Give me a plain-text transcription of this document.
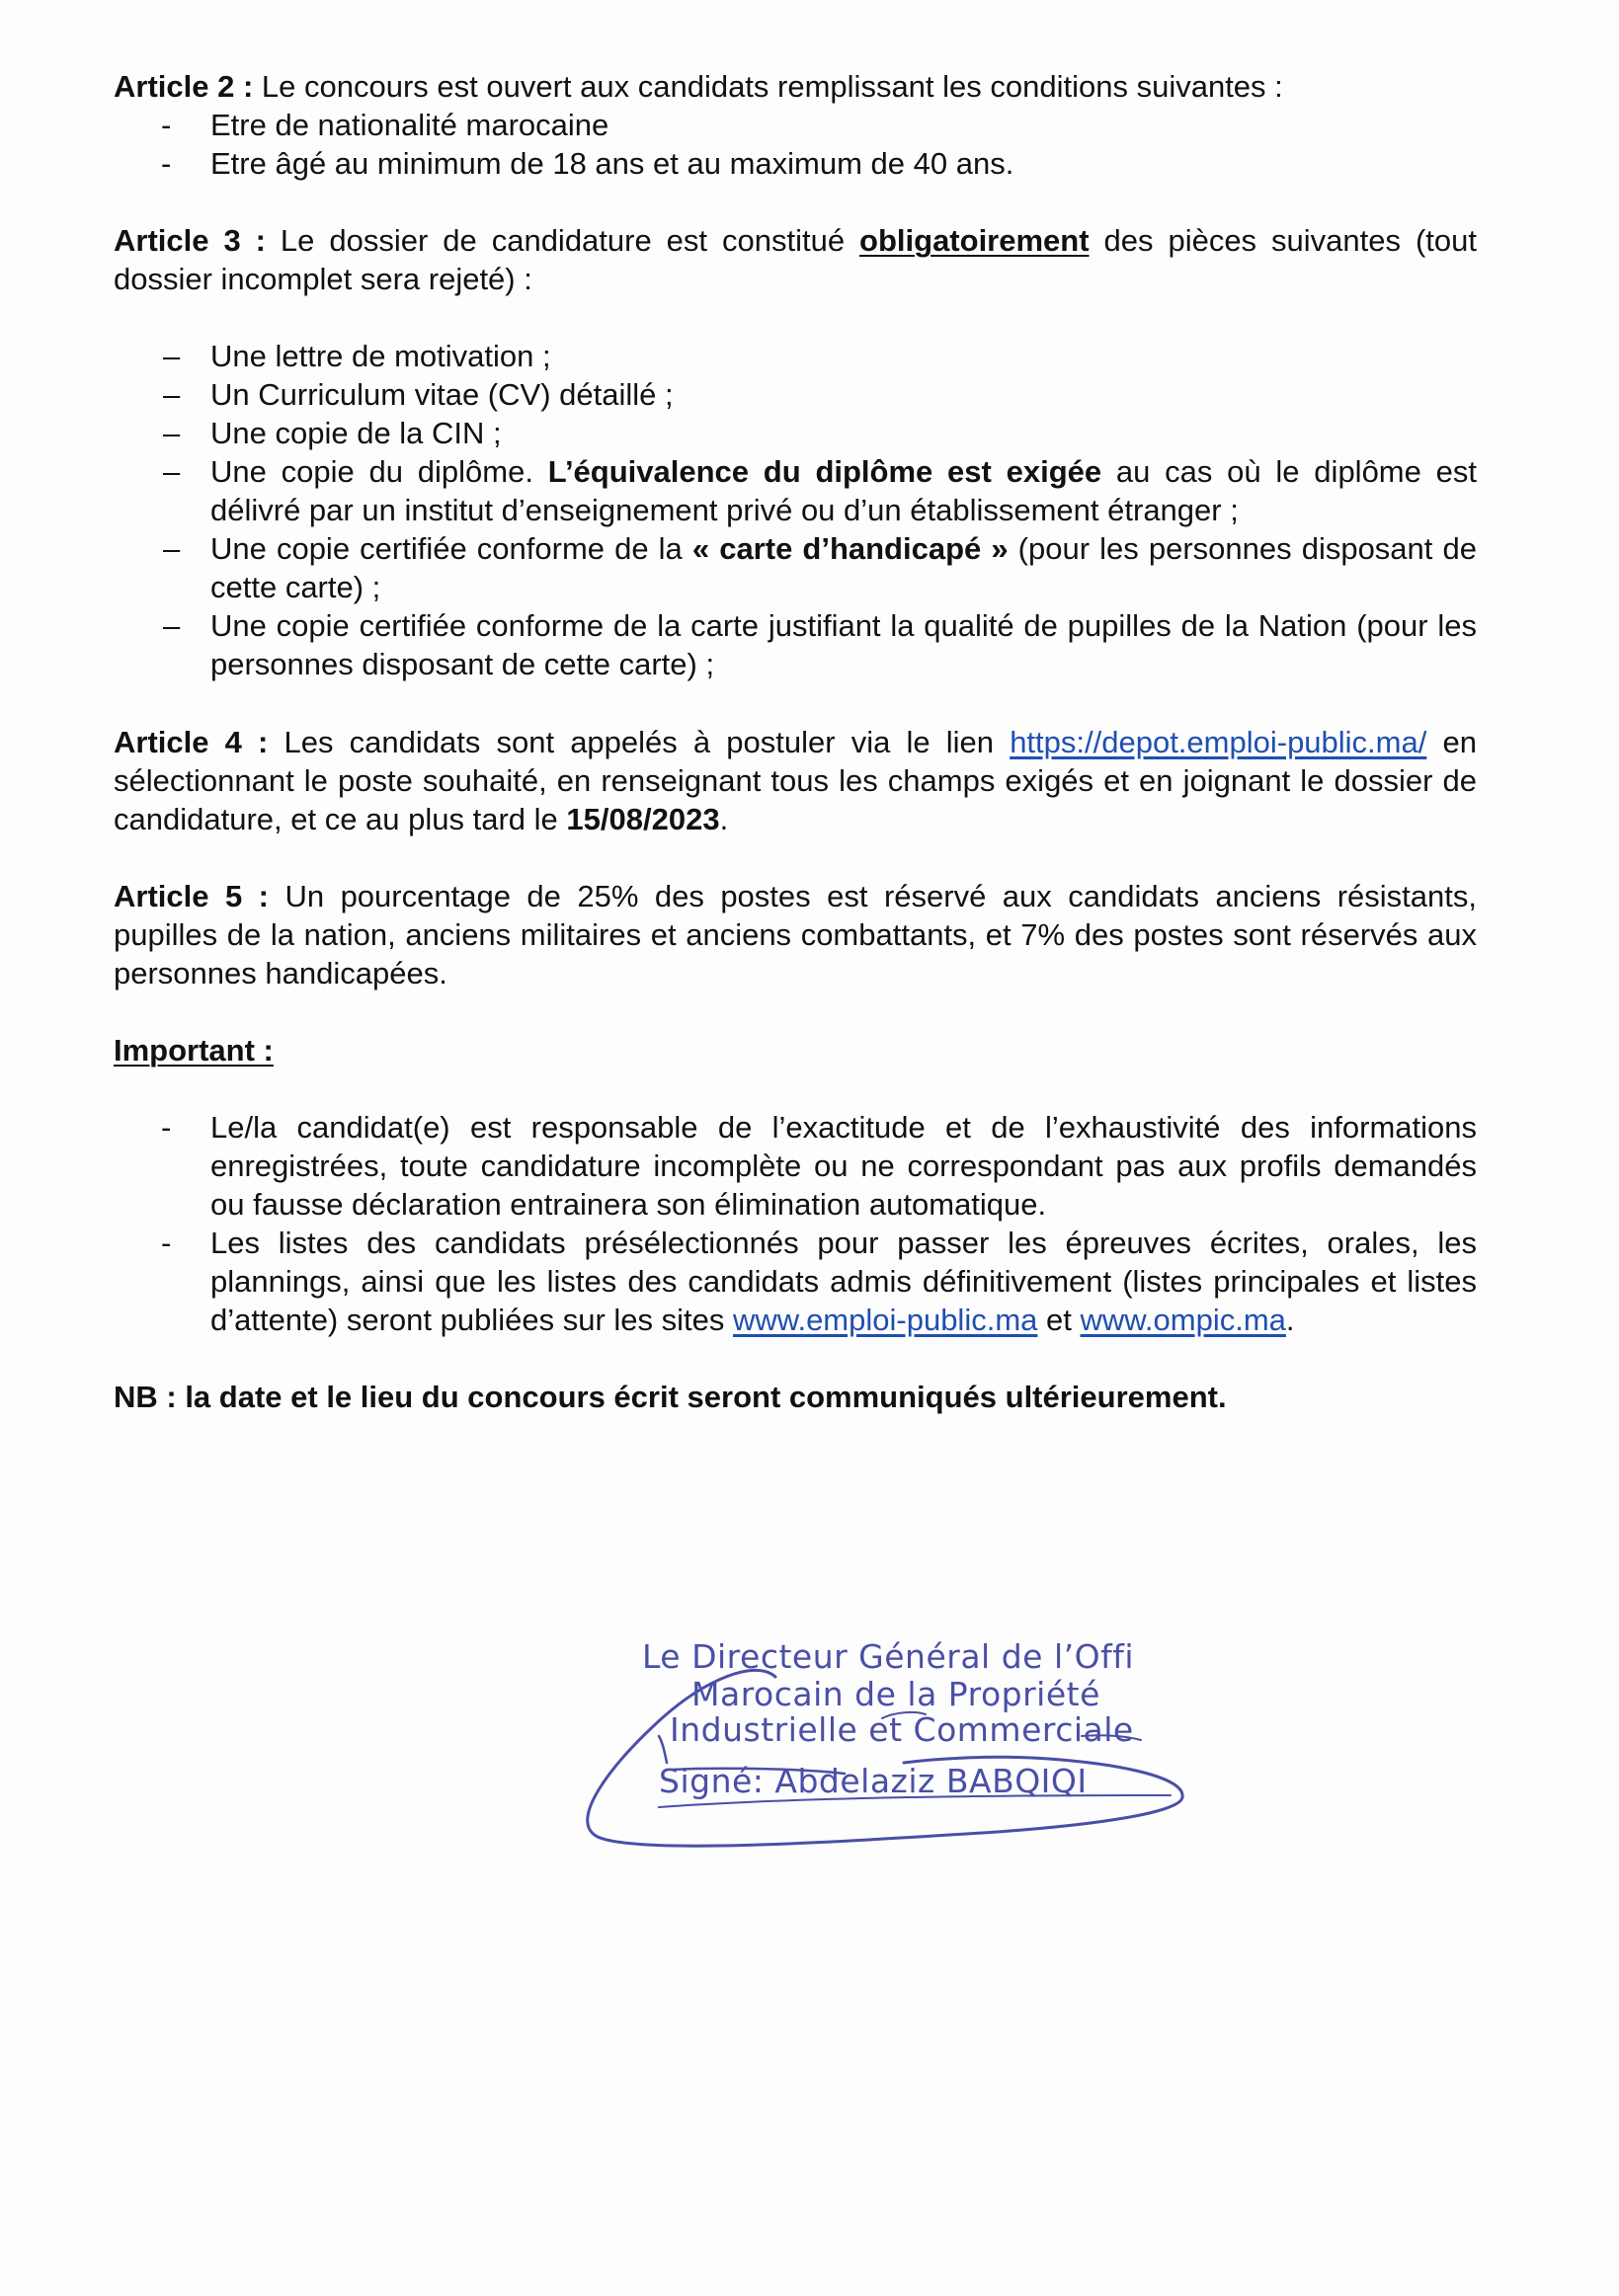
Article 2 : Le concours est ouvert aux candidats remplissant les conditions suivantes :
-	Etre de nationalité marocaine
-	Etre âgé au minimum de 18 ans et au maximum de 40 ans.
Article 3 : Le dossier de candidature est constitué obligatoirement des pièces suivantes (tout dossier incomplet sera rejeté) :
– Une lettre de motivation ;
– Un Curriculum vitae (CV) détaillé ;
– Une copie de la CIN ;
– Une copie du diplôme. L’équivalence du diplôme est exigée au cas où le diplôme est délivré par un institut d’enseignement privé ou d’un établissement étranger ;
– Une copie certifiée conforme de la « carte d’handicapé » (pour les personnes disposant de cette carte) ;
– Une copie certifiée conforme de la carte justifiant la qualité de pupilles de la Nation (pour les personnes disposant de cette carte) ;
Article 4 : Les candidats sont appelés à postuler via le lien https://depot.emploi-public.ma/ en sélectionnant le poste souhaité, en renseignant tous les champs exigés et en joignant le dossier de candidature, et ce au plus tard le 15/08/2023.
Article 5 : Un pourcentage de 25% des postes est réservé aux candidats anciens résistants, pupilles de la nation, anciens militaires et anciens combattants, et 7% des postes sont réservés aux personnes handicapées.
Important :
-	Le/la candidat(e) est responsable de l’exactitude et de l’exhaustivité des informations enregistrées, toute candidature incomplète ou ne correspondant pas aux profils demandés ou fausse déclaration entrainera son élimination automatique.
-	Les listes des candidats présélectionnés pour passer les épreuves écrites, orales, les plannings, ainsi que les listes des candidats admis définitivement (listes principales et listes d’attente) seront publiées sur les sites www.emploi-public.ma et www.ompic.ma.
NB : la date et le lieu du concours écrit seront communiqués ultérieurement.
Le Directeur Général de l’Offi
Marocain de la Propriété
Industrielle et Commerciale
Signé: Abdelaziz BABQIQI
